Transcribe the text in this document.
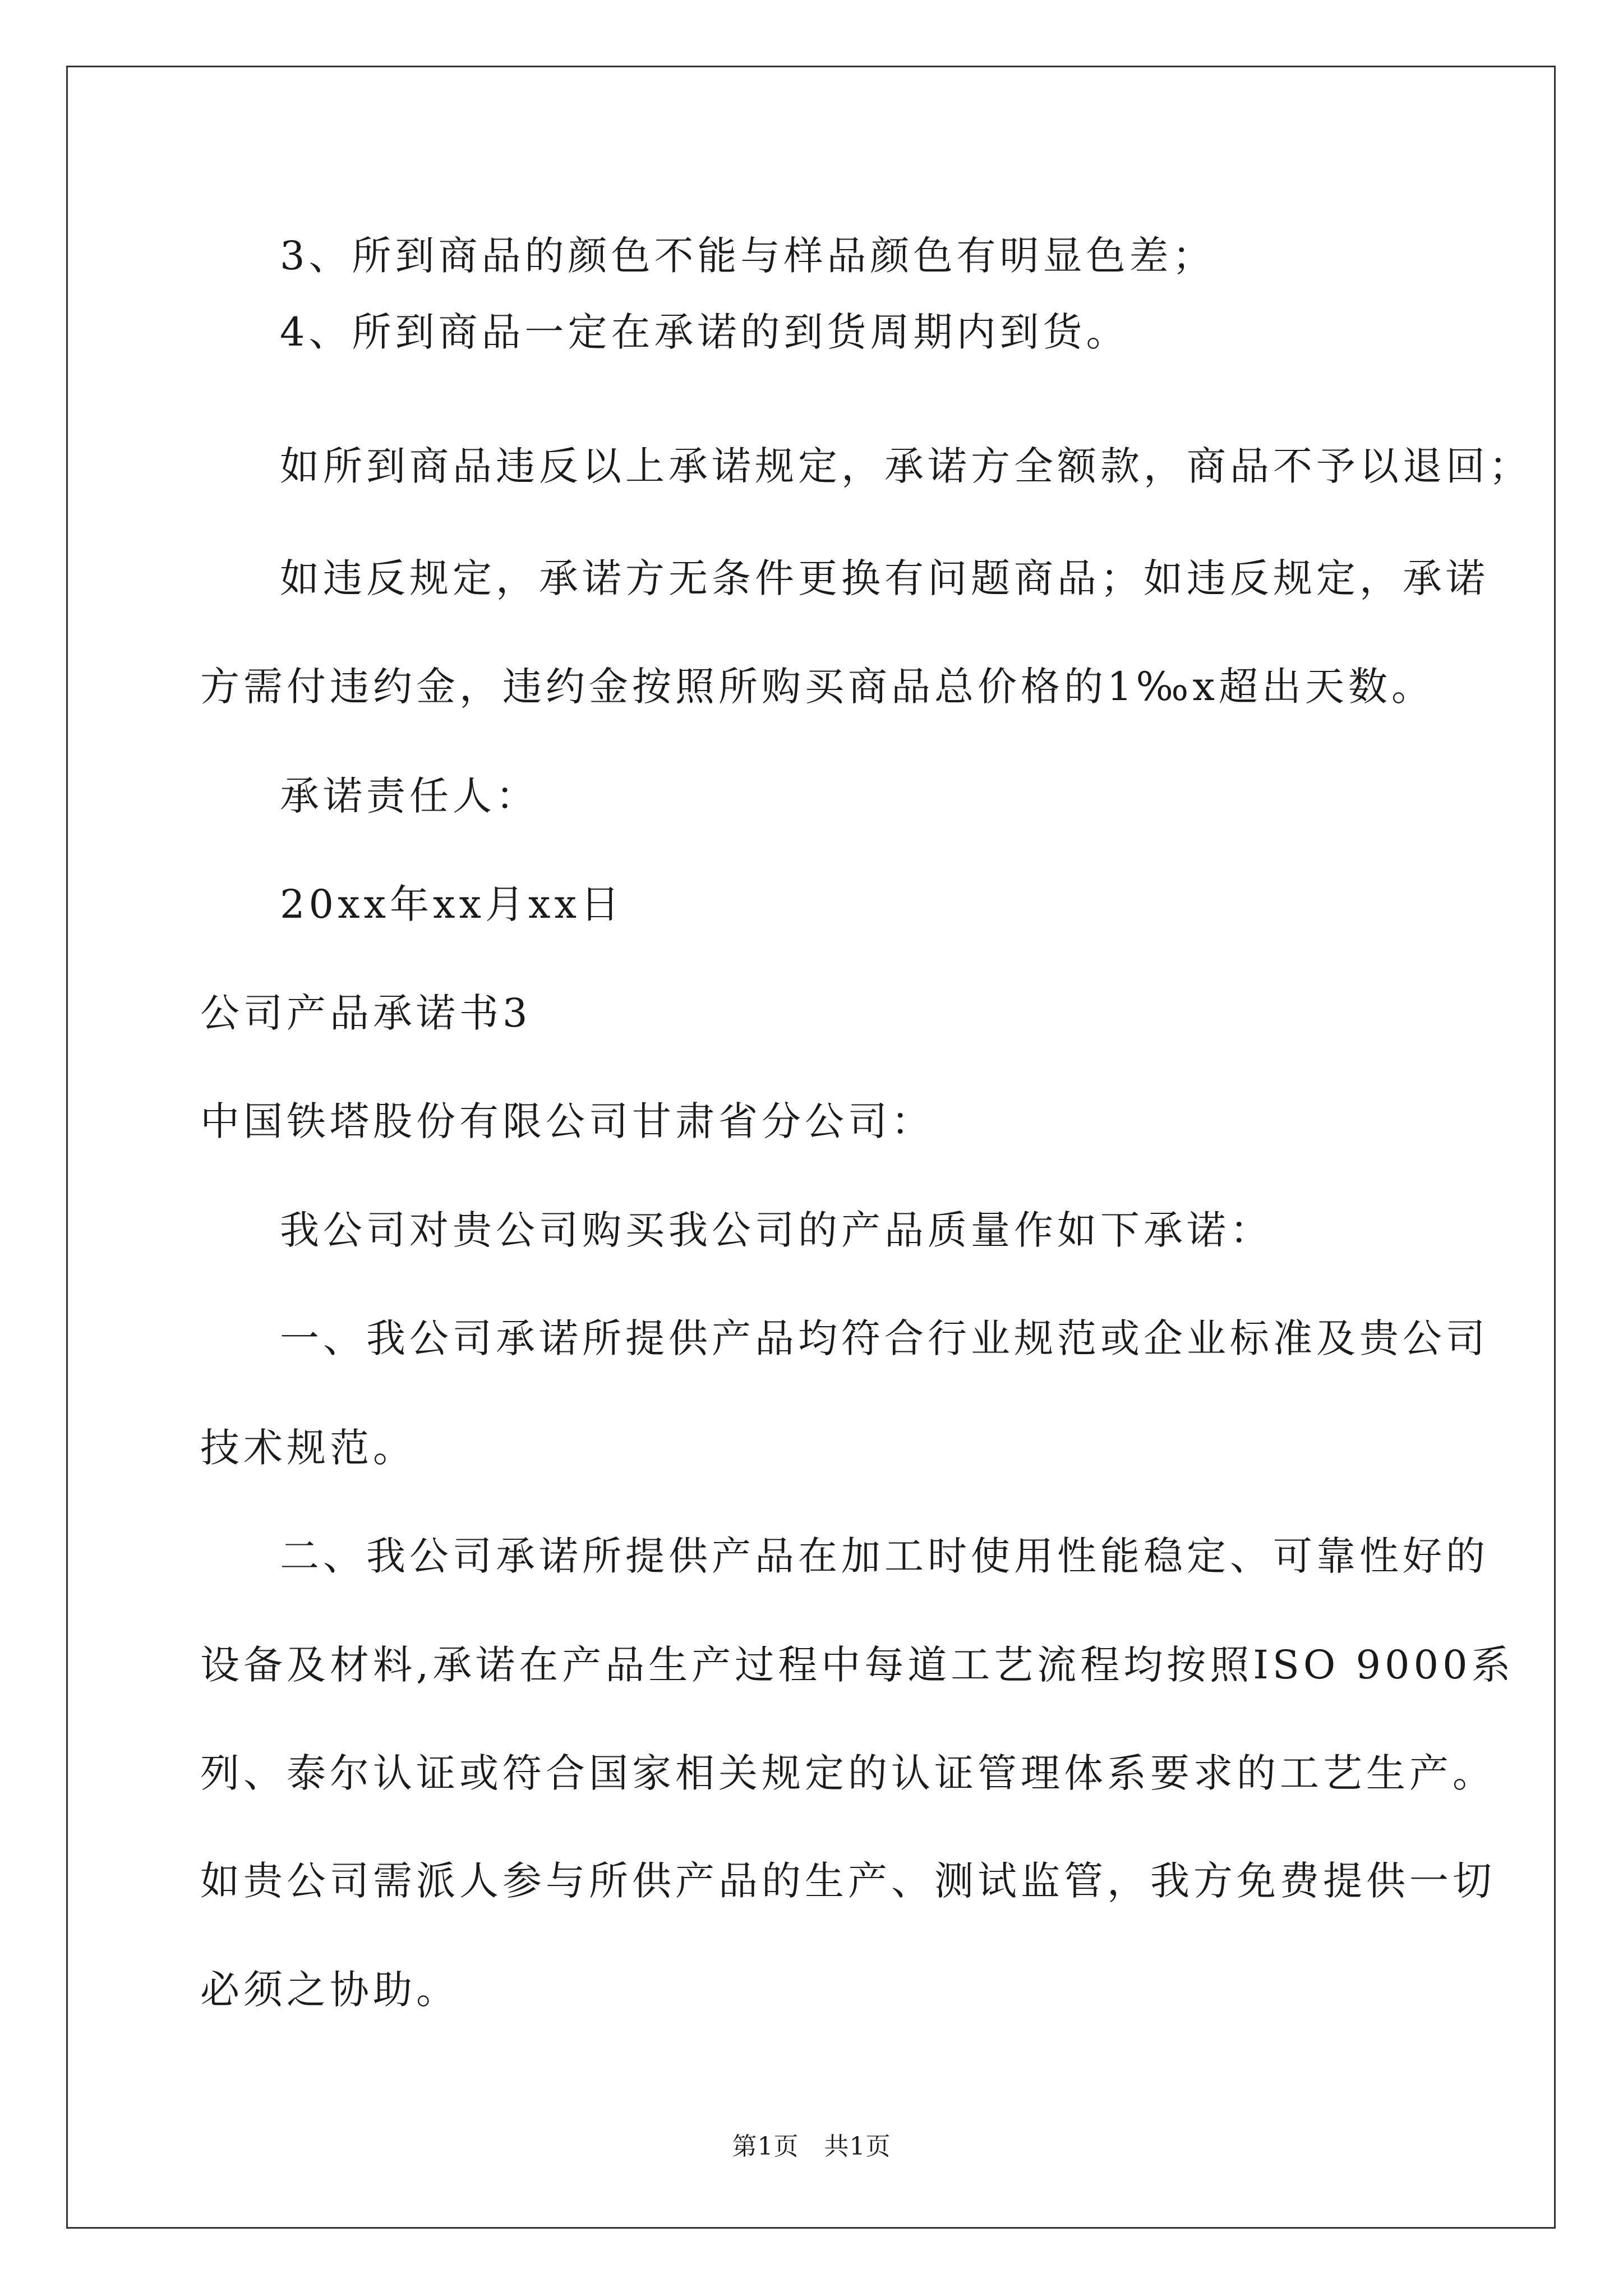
3、所到商品的颜色不能与样品颜色有明显色差；
4、所到商品一定在承诺的到货周期内到货。
如所到商品违反以上承诺规定，承诺方全额款，商品不予以退回；
如违反规定，承诺方无条件更换有问题商品；如违反规定，承诺
方需付违约金，违约金按照所购买商品总价格的1‰x超出天数。
承诺责任人：
20xx年xx月xx日
公司产品承诺书3
中国铁塔股份有限公司甘肃省分公司：
我公司对贵公司购买我公司的产品质量作如下承诺：
一、我公司承诺所提供产品均符合行业规范或企业标准及贵公司
技术规范。
二、我公司承诺所提供产品在加工时使用性能稳定、可靠性好的
设备及材料,承诺在产品生产过程中每道工艺流程均按照ISO 9000系
列、泰尔认证或符合国家相关规定的认证管理体系要求的工艺生产。
如贵公司需派人参与所供产品的生产、测试监管，我方免费提供一切
必须之协助。
第1页　共1页
